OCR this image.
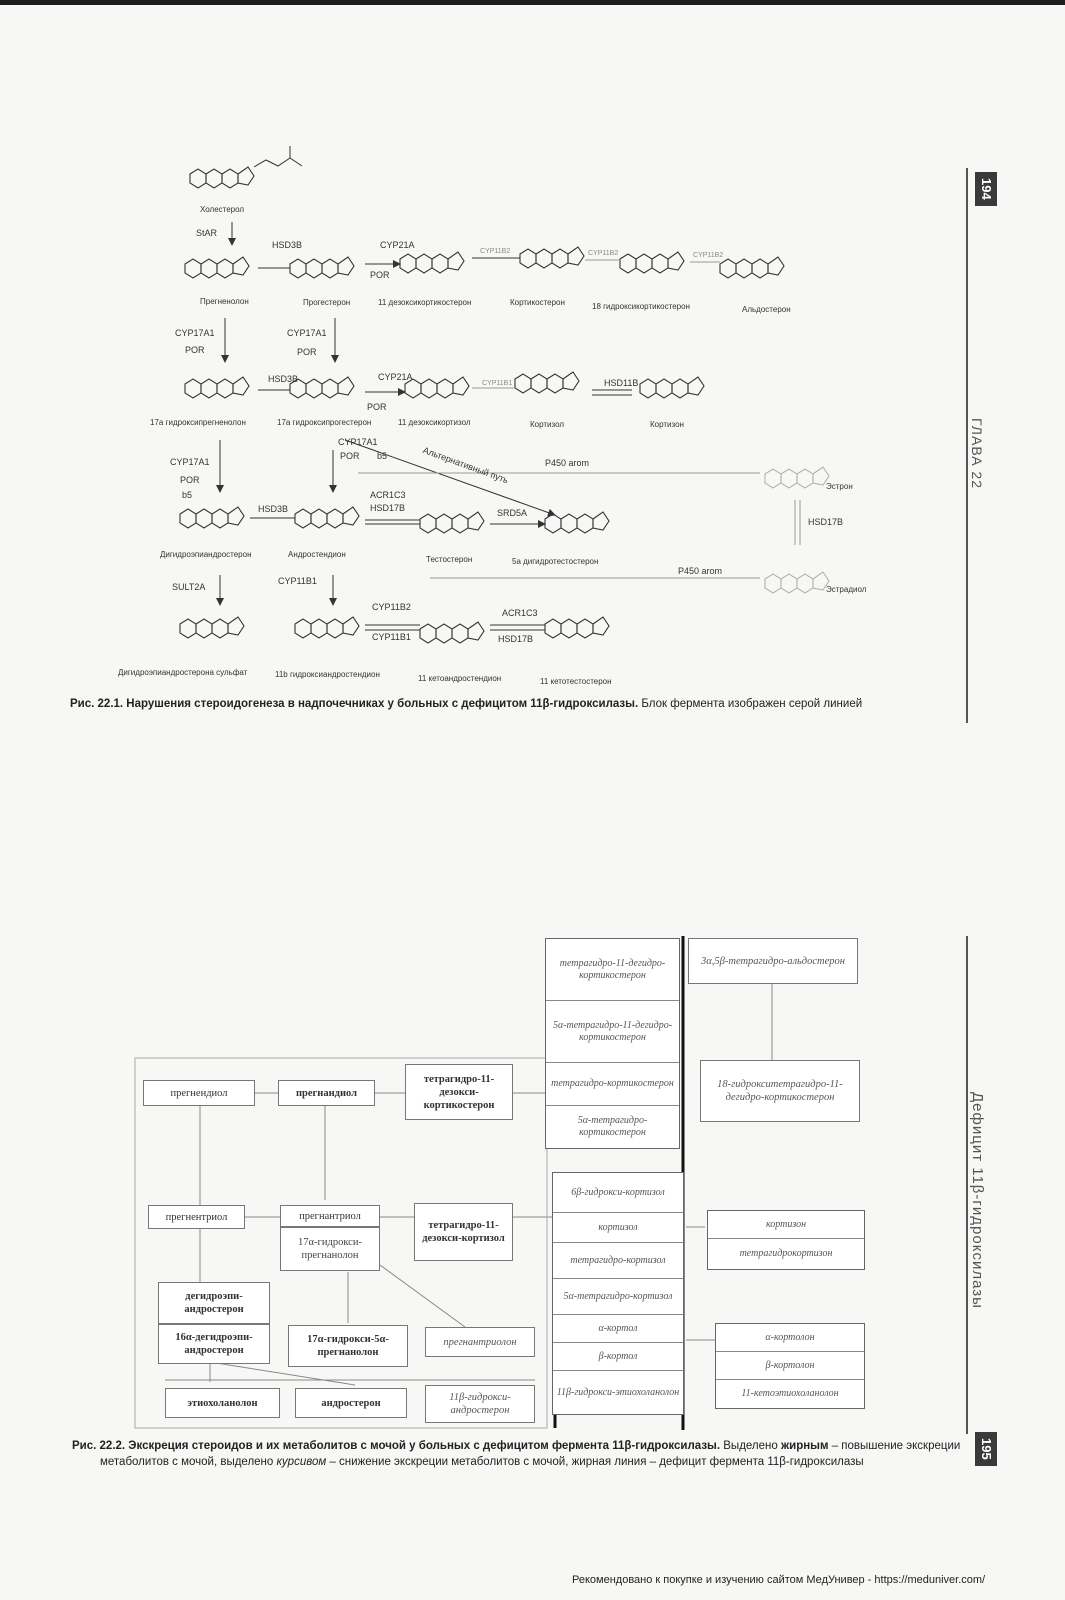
194
ГЛАВА 22
Дефицит 11β-гидроксилазы
195
Холестерол
Прегненолон	Прогестерон	11 дезоксикортикостерон	Кортикостерон	18 гидроксикортикостерон	Альдостерон
17a гидроксипрегненолон	17a гидроксипрогестерон	11 дезоксикортизол	Кортизол	Кортизон
Дигидроэпиандростерон	Андростендион
Тестостерон	5a дигидротестостерон
Эстрон
Эстрадиол
Дигидроэпиандростерона сульфат	11b гидроксиандростендион	11 кетоандростендион	11 кетотестостерон
StAR
HSD3B	CYP21A
POR
CYP11B2	CYP11B2	CYP11B2
CYP17A1
POR
CYP17A1
POR
HSD3B	CYP21A
POR
CYP11B1	HSD11B
CYP17A1
POR
b5
CYP17A1
POR b5	Альтернативный путь	P450 arom
HSD3B
ACR1C3
HSD17B	SRD5A
HSD17B
P450 arom
SULT2A
CYP11B1
CYP11B2
CYP11B1
ACR1C3
HSD17B
Рис. 22.1. Нарушения стероидогенеза в надпочечниках у больных с дефицитом 11β-гидроксилазы. Блок фермента изображен серой линией
прегнендиол	прегнандиол
тетрагидро-11-дезокси-кортикостерон
прегнентриол	прегнантриол
17α-гидрокси-прегнанолон
тетрагидро-11-дезокси-кортизол
дегидроэпи-андростерон
16α-дегидроэпи-андростерон
17α-гидрокси-5α-прегнанолон
прегнантриолон
этиохоланолон	андростерон	11β-гидрокси-андростерон
тетрагидро-11-дегидро-кортикостерон
5α-тетрагидро-11-дегидро-кортикостерон
тетрагидро-кортикостерон
5α-тетрагидро-кортикостерон
6β-гидрокси-кортизол
кортизол
тетрагидро-кортизол
5α-тетрагидро-кортизол
α-кортол
β-кортол
11β-гидрокси-этиохоланолон
3α,5β-тетрагидро-альдостерон
18-гидрокситетрагидро-11-дегидро-кортикостерон
кортизон
тетрагидрокортизон
α-кортолон
β-кортолон
11-кетоэтиохоланолон
Рис. 22.2. Экскреция стероидов и их метаболитов с мочой у больных с дефицитом фермента 11β-гидроксилазы. Выделено жирным – повышение экскреции
метаболитов с мочой, выделено курсивом – снижение экскреции метаболитов с мочой, жирная линия – дефицит фермента 11β-гидроксилазы
Рекомендовано к покупке и изучению сайтом МедУнивер - https://meduniver.com/
